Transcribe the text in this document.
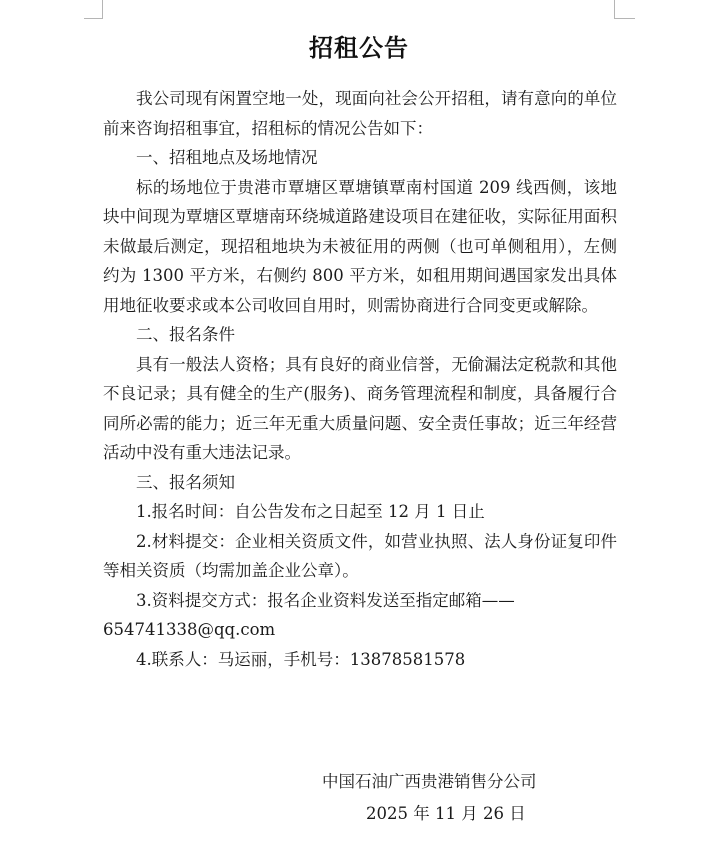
招租公告

我公司现有闲置空地一处，现面向社会公开招租，请有意向的单位前来咨询招租事宜，招租标的情况公告如下：

一、招租地点及场地情况

标的场地位于贵港市覃塘区覃塘镇覃南村国道 209 线西侧，该地块中间现为覃塘区覃塘南环绕城道路建设项目在建征收，实际征用面积未做最后测定，现招租地块为未被征用的两侧（也可单侧租用），左侧约为 1300 平方米，右侧约 800 平方米，如租用期间遇国家发出具体用地征收要求或本公司收回自用时，则需协商进行合同变更或解除。

二、报名条件

具有一般法人资格；具有良好的商业信誉，无偷漏法定税款和其他不良记录；具有健全的生产(服务)、商务管理流程和制度，具备履行合同所必需的能力；近三年无重大质量问题、安全责任事故；近三年经营活动中没有重大违法记录。

三、报名须知

1.报名时间：自公告发布之日起至 12 月 1 日止

2.材料提交：企业相关资质文件，如营业执照、法人身份证复印件等相关资质（均需加盖企业公章）。

3.资料提交方式：报名企业资料发送至指定邮箱——

654741338@qq.com

4.联系人：马运丽，手机号：13878581578

中国石油广西贵港销售分公司
2025 年 11 月 26 日
